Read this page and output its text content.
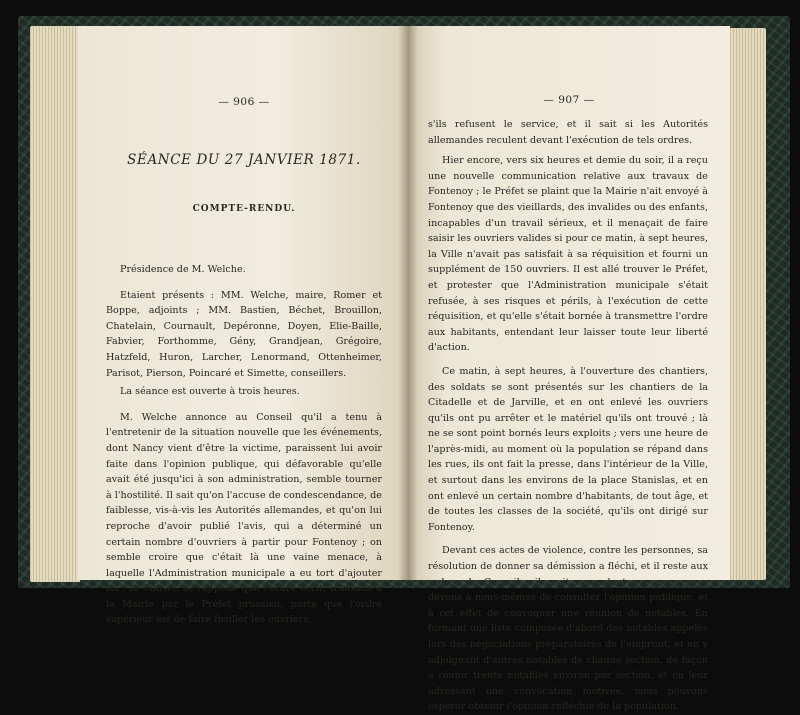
— 906 —
SÉANCE DU 27 JANVIER 1871.
COMPTE-RENDU.

Présidence de M. Welche.

Etaient présents : MM. Welche, maire, Romer et Boppe, adjoints ; MM. Bastien, Béchet, Brouillon, Chatelain, Cournault, Depéronne, Doyen, Elie-Baille, Fabvier, Forthomme, Gény, Grandjean, Grégoire, Hatzfeld, Huron, Larcher, Lenormand, Ottenheimer, Parisot, Pierson, Poincaré et Simette, conseillers.

La séance est ouverte à trois heures.

M. Welche annonce au Conseil qu'il a tenu à l'entretenir de la situation nouvelle que les événements, dont Nancy vient d'être la victime, paraissent lui avoir faite dans l'opinion publique, qui défavorable qu'elle avait été jusqu'ici à son administration, semble tourner à l'hostilité. Il sait qu'on l'accuse de condescendance, de faiblesse, vis-à-vis les Autorités allemandes, et qu'on lui reproche d'avoir publié l'avis, qui a déterminé un certain nombre d'ouvriers à partir pour Fontenoy ; on semble croire que c'était là une vaine menace, à laquelle l'Administration municipale a eu tort d'ajouter foi ; le Conseil se rappelle que l'ordre écrit, transmis à la Mairie par le Préfet prussien, porte que l'ordre supérieur est de faire fusiller les ouvriers,

— 907 —

s'ils refusent le service, et il sait si les Autorités allemandes reculent devant l'exécution de tels ordres.

Hier encore, vers six heures et demie du soir, il a reçu une nouvelle communication relative aux travaux de Fontenoy ; le Préfet se plaint que la Mairie n'ait envoyé à Fontenoy que des vieillards, des invalides ou des enfants, incapables d'un travail sérieux, et il menaçait de faire saisir les ouvriers valides si pour ce matin, à sept heures, la Ville n'avait pas satisfait à sa réquisition et fourni un supplément de 150 ouvriers. Il est allé trouver le Préfet, et protester que l'Administration municipale s'était refusée, à ses risques et périls, à l'exécution de cette réquisition, et qu'elle s'était bornée à transmettre l'ordre aux habitants, entendant leur laisser toute leur liberté d'action.

Ce matin, à sept heures, à l'ouverture des chantiers, des soldats se sont présentés sur les chantiers de la Citadelle et de Jarville, et en ont enlevé les ouvriers qu'ils ont pu arrêter et le matériel qu'ils ont trouvé ; là ne se sont point bornés leurs exploits ; vers une heure de l'après-midi, au moment où la population se répand dans les rues, ils ont fait la presse, dans l'intérieur de la Ville, et surtout dans les environs de la place Stanislas, et en ont enlevé un certain nombre d'habitants, de tout âge, et de toutes les classes de la société, qu'ils ont dirigé sur Fontenoy.

Devant ces actes de violence, contre les personnes, sa résolution de donner sa démission a fléchi, et il reste aux ordres du Conseil ; il croit cependant que nous nous devons à nous-mêmes de consulter l'opinion publique, et à cet effet de convoquer une réunion de notables. En formant une liste composée d'abord des notables appelés lors des négociations préparatoires de l'emprunt, et en y adjoignant d'autres notables de chaque section, de façon à réunir trente notables environ par section, et en leur adressant une convocation motivée, nous pouvons espérer obtenir l'opinion réfléchie de la population.
